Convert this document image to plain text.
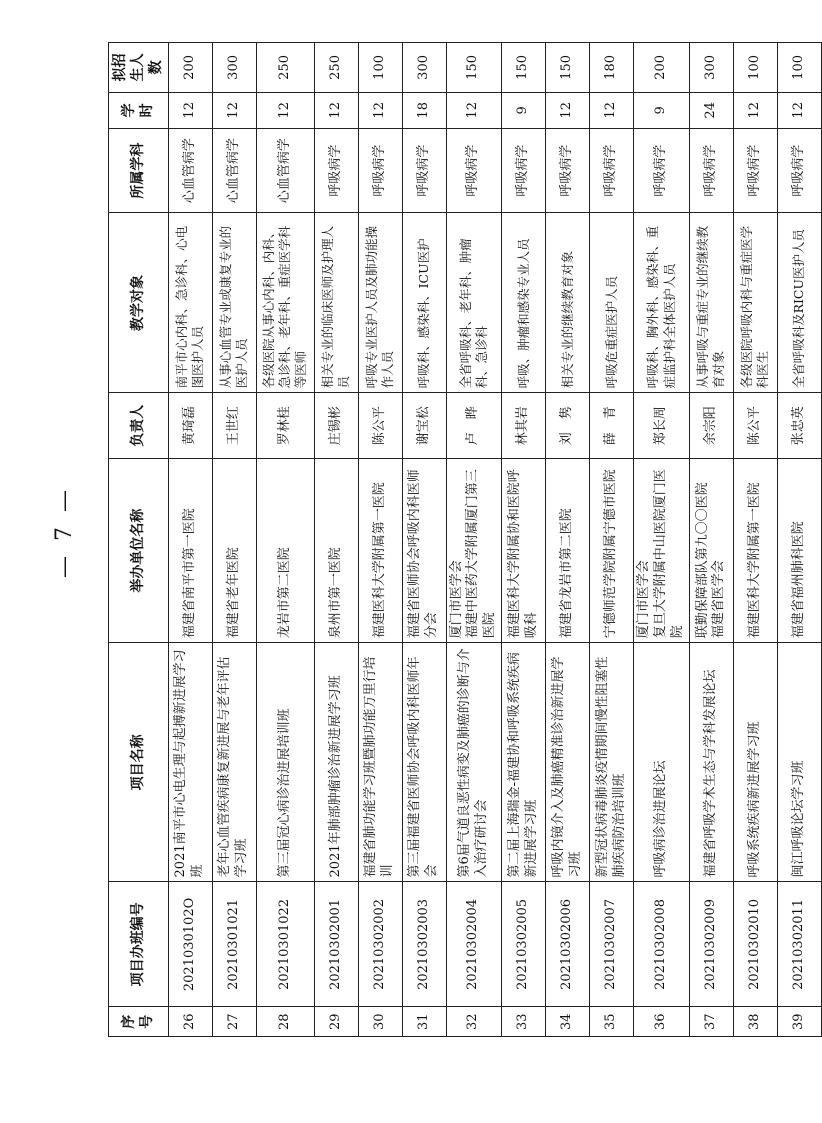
— 7 —
序号	项目办班编号	项目名称	举办单位名称	负责人	教学对象	所属学科	学时	拟招生人数
26	2021030102O	2021南平市心电生理与起搏新进展学习班	福建省南平市第一医院	黄琦磊	南平市心内科、急诊科、心电图医护人员	心血管病学	12	200
27	20210301021	老年心血管疾病康复新进展与老年评估学习班	福建省老年医院	王世红	从事心血管专业或康复专业的医护人员	心血管病学	12	300
28	20210301022	第三届冠心病诊治进展培训班	龙岩市第二医院	罗林桂	各级医院从事心内科、内科、急诊科、老年科、重症医学科等医师	心血管病学	12	250
29	20210302001	2021年肺部肿瘤诊治新进展学习班	泉州市第一医院	庄锡彬	相关专业的临床医师及护理人员	呼吸病学	12	250
30	20210302002	福建省肺功能学习班暨肺功能万里行培训	福建医科大学附属第一医院	陈公平	呼吸专业医护人员及肺功能操作人员	呼吸病学	12	100
31	20210302003	第三届福建省医师协会呼吸内科医师年会	福建省医师协会呼吸内科医师分会	谢宝松	呼吸科、感染科、ICU医护	呼吸病学	18	300
32	20210302004	第6届气道良恶性病变及肺癌的诊断与介入治疗研讨会	厦门市医学会 福建中医药大学附属厦门第三医院	卢　晔	全省呼吸科、老年科、肿瘤科、急诊科	呼吸病学	12	150
33	20210302005	第二届上海瑞金-福建协和呼吸系统疾病新进展学习班	福建医科大学附属协和医院呼吸科	林其岩	呼吸、肿瘤和感染专业人员	呼吸病学	9	150
34	20210302006	呼吸内镜介入及肺癌精准诊治新进展学习班	福建省龙岩市第二医院	刘　隽	相关专业的继续教育对象	呼吸病学	12	150
35	20210302007	新型冠状病毒肺炎疫情期间慢性阻塞性肺疾病防治培训班	宁德师范学院附属宁德市医院	薛　青	呼吸危重症医护人员	呼吸病学	12	180
36	20210302008	呼吸病诊治进展论坛	厦门市医学会 复旦大学附属中山医院厦门医院	郑长周	呼吸科、胸外科、感染科、重症监护科全体医护人员	呼吸病学	9	200
37	20210302009	福建省呼吸学术生态与学科发展论坛	联勤保障部队第九〇〇医院 福建省医学会	余宗阳	从事呼吸与重症专业的继续教育对象	呼吸病学	24	300
38	20210302010	呼吸系统疾病新进展学习班	福建医科大学附属第一医院	陈公平	各级医院呼吸内科与重症医学科医生	呼吸病学	12	100
39	20210302011	闽江呼吸论坛学习班	福建省福州肺科医院	张忠英	全省呼吸科及RICU医护人员	呼吸病学	12	100
